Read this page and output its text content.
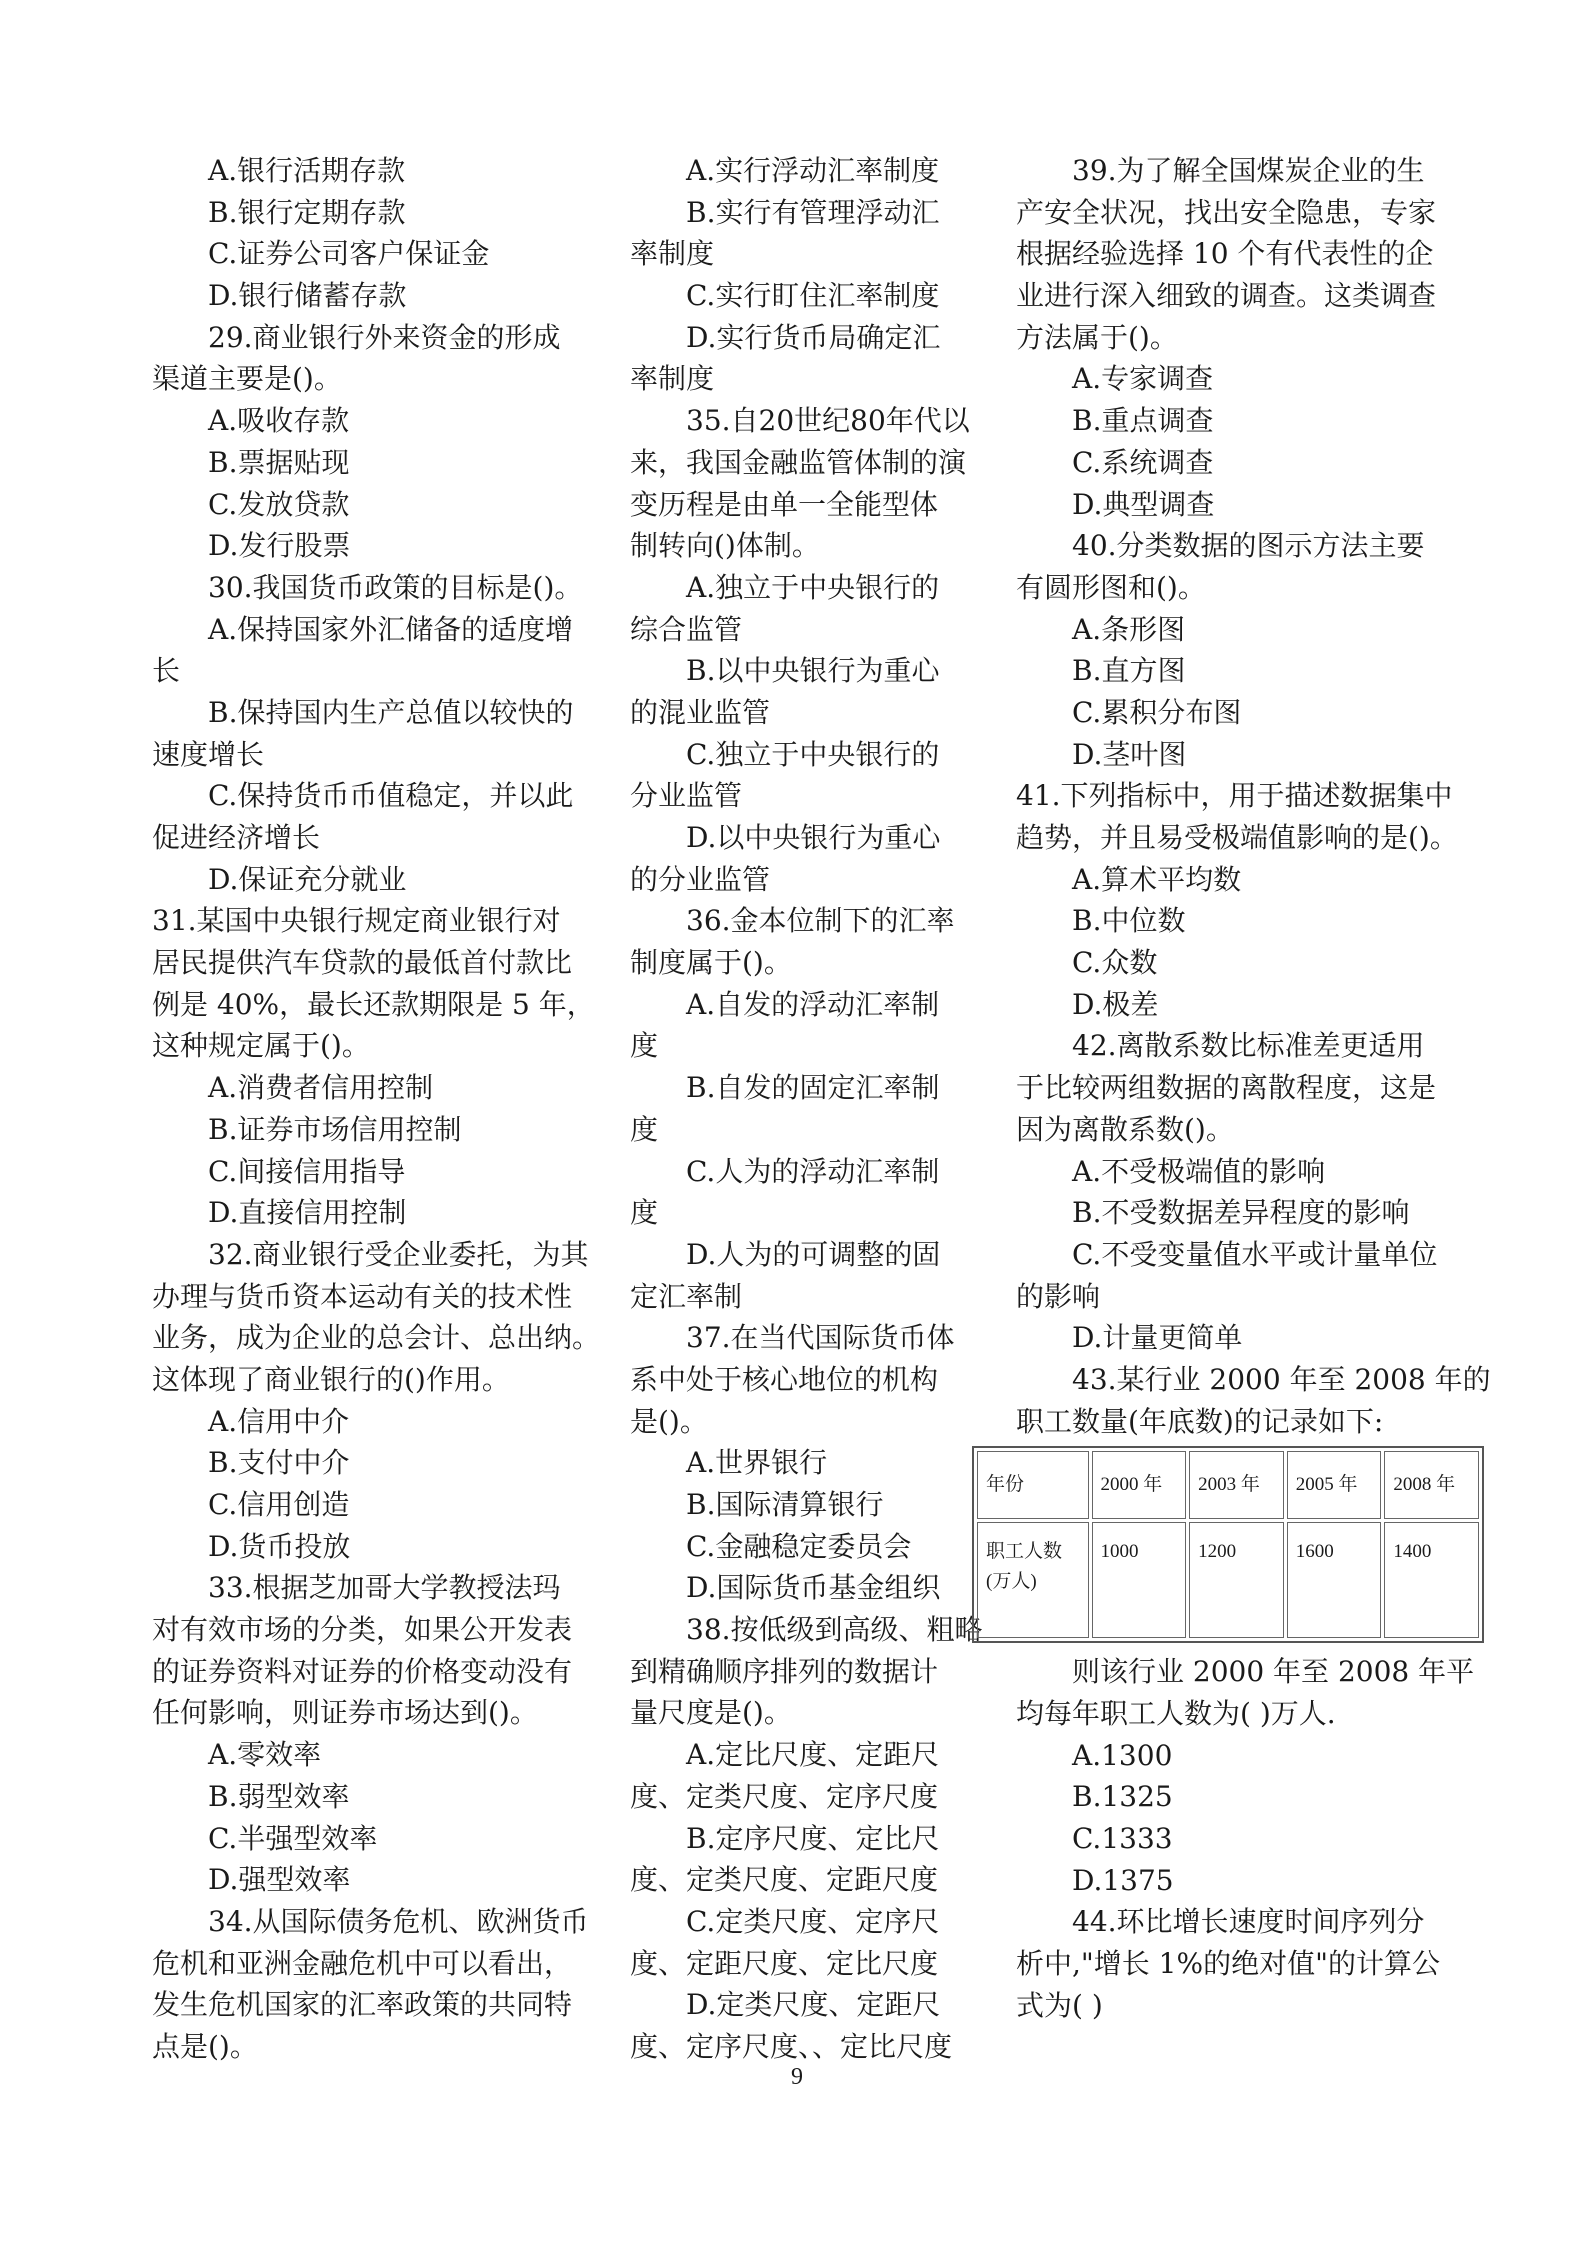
A.银行活期存款
B.银行定期存款
C.证券公司客户保证金
D.银行储蓄存款
29.商业银行外来资金的形成
渠道主要是()。
A.吸收存款
B.票据贴现
C.发放贷款
D.发行股票
30.我国货币政策的目标是()。
A.保持国家外汇储备的适度增
长
B.保持国内生产总值以较快的
速度增长
C.保持货币币值稳定，并以此
促进经济增长
D.保证充分就业
31.某国中央银行规定商业银行对
居民提供汽车贷款的最低首付款比
例是 40%，最长还款期限是 5 年，
这种规定属于()。
A.消费者信用控制
B.证券市场信用控制
C.间接信用指导
D.直接信用控制
32.商业银行受企业委托，为其
办理与货币资本运动有关的技术性
业务，成为企业的总会计、总出纳。
这体现了商业银行的()作用。
A.信用中介
B.支付中介
C.信用创造
D.货币投放
33.根据芝加哥大学教授法玛
对有效市场的分类，如果公开发表
的证券资料对证券的价格变动没有
任何影响，则证券市场达到()。
A.零效率
B.弱型效率
C.半强型效率
D.强型效率
34.从国际债务危机、欧洲货币
危机和亚洲金融危机中可以看出，
发生危机国家的汇率政策的共同特
点是()。
A.实行浮动汇率制度
B.实行有管理浮动汇
率制度
C.实行盯住汇率制度
D.实行货币局确定汇
率制度
35.自20世纪80年代以
来，我国金融监管体制的演
变历程是由单一全能型体
制转向()体制。
A.独立于中央银行的
综合监管
B.以中央银行为重心
的混业监管
C.独立于中央银行的
分业监管
D.以中央银行为重心
的分业监管
36.金本位制下的汇率
制度属于()。
A.自发的浮动汇率制
度
B.自发的固定汇率制
度
C.人为的浮动汇率制
度
D.人为的可调整的固
定汇率制
37.在当代国际货币体
系中处于核心地位的机构
是()。
A.世界银行
B.国际清算银行
C.金融稳定委员会
D.国际货币基金组织
38.按低级到高级、粗略
到精确顺序排列的数据计
量尺度是()。
A.定比尺度、定距尺
度、定类尺度、定序尺度
B.定序尺度、定比尺
度、定类尺度、定距尺度
C.定类尺度、定序尺
度、定距尺度、定比尺度
D.定类尺度、定距尺
度、定序尺度、、定比尺度
39.为了解全国煤炭企业的生
产安全状况，找出安全隐患，专家
根据经验选择 10 个有代表性的企
业进行深入细致的调查。这类调查
方法属于()。
A.专家调查
B.重点调查
C.系统调查
D.典型调查
40.分类数据的图示方法主要
有圆形图和()。
A.条形图
B.直方图
C.累积分布图
D.茎叶图
41.下列指标中，用于描述数据集中
趋势，并且易受极端值影响的是()。
A.算术平均数
B.中位数
C.众数
D.极差
42.离散系数比标准差更适用
于比较两组数据的离散程度，这是
因为离散系数()。
A.不受极端值的影响
B.不受数据差异程度的影响
C.不受变量值水平或计量单位
的影响
D.计量更简单
43.某行业 2000 年至 2008 年的
职工数量(年底数)的记录如下:
年份	2000 年	2003 年	2005 年	2008 年

职工人数
(万人)	1000	1200	1600	1400
则该行业 2000 年至 2008 年平
均每年职工人数为( )万人.
A.1300
B.1325
C.1333
D.1375
44.环比增长速度时间序列分
析中,"增长 1%的绝对值"的计算公
式为( )
9
